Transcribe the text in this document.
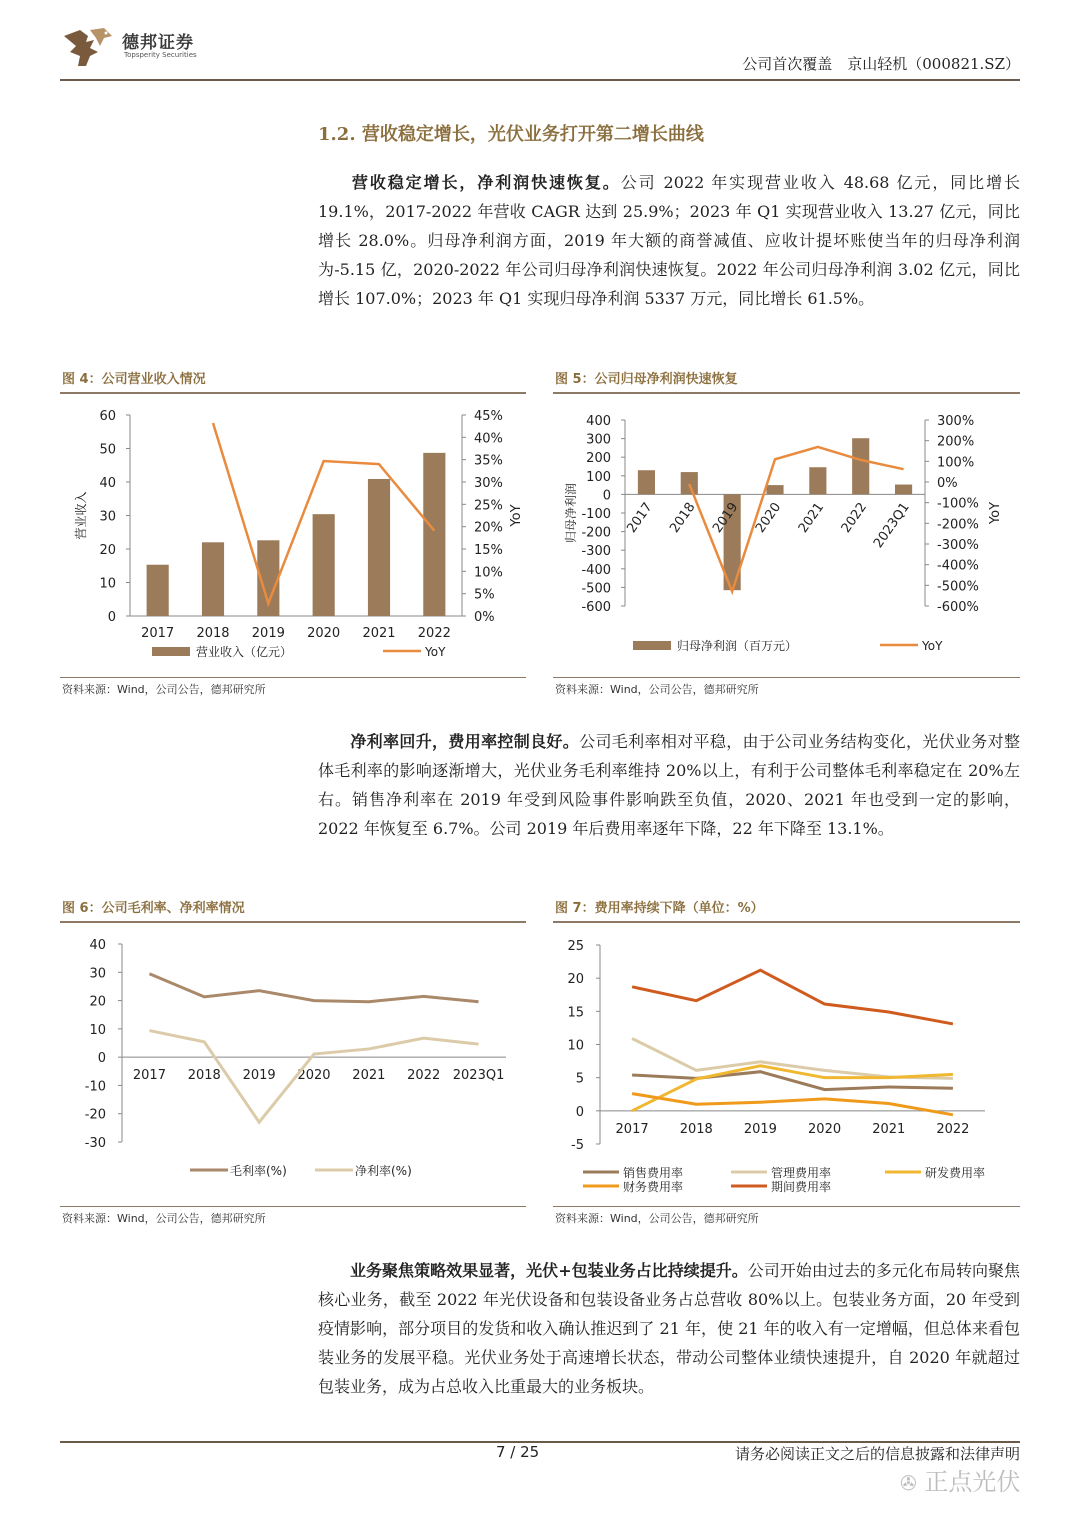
德邦证券
Topsperity Securities	公司首次覆盖　京山轻机（000821.SZ）
1.2. 营收稳定增长，光伏业务打开第二增长曲线
营收稳定增长，净利润快速恢复。公司 2022 年实现营业收入 48.68 亿元，同比增长 19.1%，2017-2022 年营收 CAGR 达到 25.9%；2023 年 Q1 实现营业收入 13.27 亿元，同比增长 28.0%。归母净利润方面，2019 年大额的商誉减值、应收计提坏账使当年的归母净利润为-5.15 亿，2020-2022 年公司归母净利润快速恢复。2022 年公司归母净利润 3.02 亿元，同比增长 107.0%；2023 年 Q1 实现归母净利润 5337 万元，同比增长 61.5%。
图 4：公司营业收入情况	图 5：公司归母净利润快速恢复
0
10
20
30
40
50
60
0%
5%
10%
15%
20%
25%
30%
35%
40%
45%
营业收入	YoY
2017 2018 2019 2020 2021 2022
营业收入（亿元）	YoY
-600
-500
-400
-300
-200
-100
0
100
200
300
400
-600%
-500%
-400%
-300%
-200%
-100%
0%
100%
200%
300%
归母净利润	YoY
2017 2018 2019 2020 2021 2022 2023Q1
归母净利润（百万元）	YoY
资料来源：Wind，公司公告，德邦研究所	资料来源：Wind，公司公告，德邦研究所
净利率回升，费用率控制良好。公司毛利率相对平稳，由于公司业务结构变化，光伏业务对整体毛利率的影响逐渐增大，光伏业务毛利率维持 20%以上，有利于公司整体毛利率稳定在 20%左右。销售净利率在 2019 年受到风险事件影响跌至负值，2020、2021 年也受到一定的影响，2022 年恢复至 6.7%。公司 2019 年后费用率逐年下降，22 年下降至 13.1%。
图 6：公司毛利率、净利率情况	图 7：费用率持续下降（单位：%）
-30
-20
-10
0
10
20
30
40
2017 2018 2019 2020 2021 2022 2023Q1
毛利率(%)	净利率(%)
-5
0
5
10
15
20
25
2017 2018 2019 2020 2021 2022
销售费用率	管理费用率	研发费用率
财务费用率	期间费用率
资料来源：Wind，公司公告，德邦研究所	资料来源：Wind，公司公告，德邦研究所
业务聚焦策略效果显著，光伏+包装业务占比持续提升。公司开始由过去的多元化布局转向聚焦核心业务，截至 2022 年光伏设备和包装设备业务占总营收 80%以上。包装业务方面，20 年受到疫情影响，部分项目的发货和收入确认推迟到了 21 年，使 21 年的收入有一定增幅，但总体来看包装业务的发展平稳。光伏业务处于高速增长状态，带动公司整体业绩快速提升，自 2020 年就超过包装业务，成为占总收入比重最大的业务板块。
7 / 25	请务必阅读正文之后的信息披露和法律声明
✇ 正点光伏
